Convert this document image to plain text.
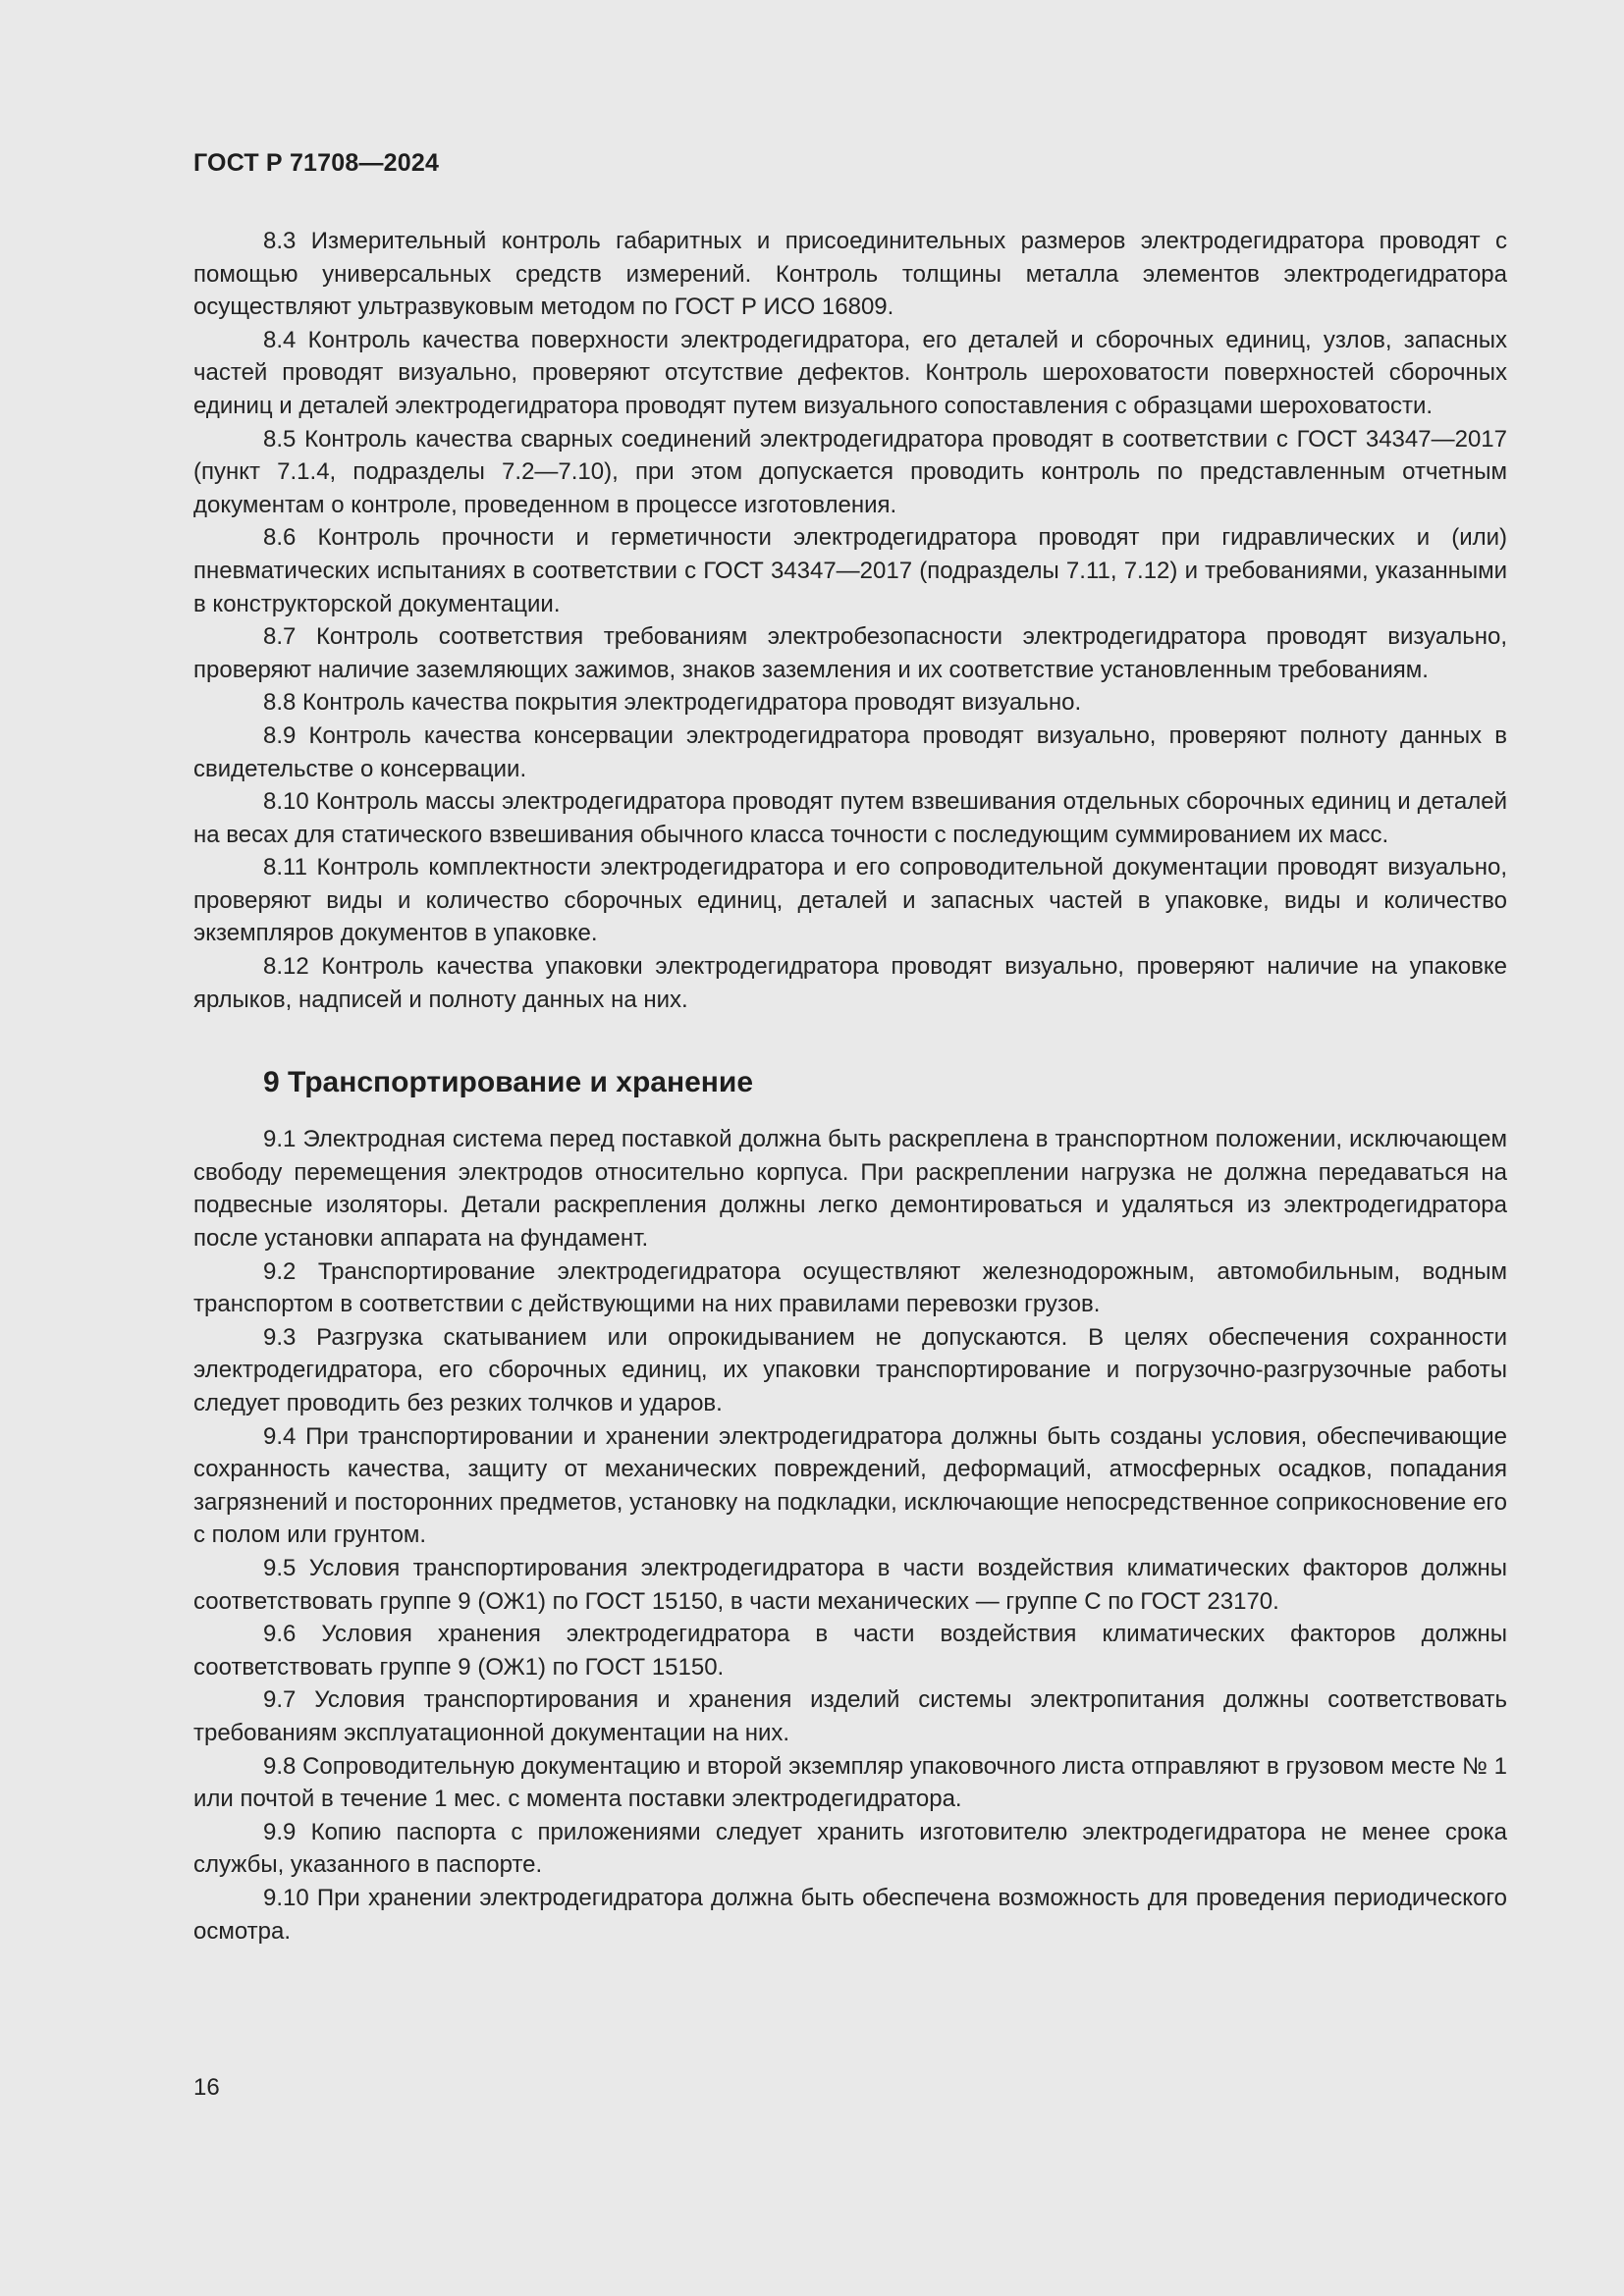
ГОСТ Р 71708—2024

8.3 Измерительный контроль габаритных и присоединительных размеров электродегидратора проводят с помощью универсальных средств измерений. Контроль толщины металла элементов электродегидратора осуществляют ультразвуковым методом по ГОСТ Р ИСО 16809.

8.4 Контроль качества поверхности электродегидратора, его деталей и сборочных единиц, узлов, запасных частей проводят визуально, проверяют отсутствие дефектов. Контроль шероховатости поверхностей сборочных единиц и деталей электродегидратора проводят путем визуального сопоставления с образцами шероховатости.

8.5 Контроль качества сварных соединений электродегидратора проводят в соответствии с ГОСТ 34347—2017 (пункт 7.1.4, подразделы 7.2—7.10), при этом допускается проводить контроль по представленным отчетным документам о контроле, проведенном в процессе изготовления.

8.6 Контроль прочности и герметичности электродегидратора проводят при гидравлических и (или) пневматических испытаниях в соответствии с ГОСТ 34347—2017 (подразделы 7.11, 7.12) и требованиями, указанными в конструкторской документации.

8.7 Контроль соответствия требованиям электробезопасности электродегидратора проводят визуально, проверяют наличие заземляющих зажимов, знаков заземления и их соответствие установленным требованиям.

8.8 Контроль качества покрытия электродегидратора проводят визуально.

8.9 Контроль качества консервации электродегидратора проводят визуально, проверяют полноту данных в свидетельстве о консервации.

8.10 Контроль массы электродегидратора проводят путем взвешивания отдельных сборочных единиц и деталей на весах для статического взвешивания обычного класса точности с последующим суммированием их масс.

8.11 Контроль комплектности электродегидратора и его сопроводительной документации проводят визуально, проверяют виды и количество сборочных единиц, деталей и запасных частей в упаковке, виды и количество экземпляров документов в упаковке.

8.12 Контроль качества упаковки электродегидратора проводят визуально, проверяют наличие на упаковке ярлыков, надписей и полноту данных на них.

9 Транспортирование и хранение

9.1 Электродная система перед поставкой должна быть раскреплена в транспортном положении, исключающем свободу перемещения электродов относительно корпуса. При раскреплении нагрузка не должна передаваться на подвесные изоляторы. Детали раскрепления должны легко демонтироваться и удаляться из электродегидратора после установки аппарата на фундамент.

9.2 Транспортирование электродегидратора осуществляют железнодорожным, автомобильным, водным транспортом в соответствии с действующими на них правилами перевозки грузов.

9.3 Разгрузка скатыванием или опрокидыванием не допускаются. В целях обеспечения сохранности электродегидратора, его сборочных единиц, их упаковки транспортирование и погрузочно-разгрузочные работы следует проводить без резких толчков и ударов.

9.4 При транспортировании и хранении электродегидратора должны быть созданы условия, обеспечивающие сохранность качества, защиту от механических повреждений, деформаций, атмосферных осадков, попадания загрязнений и посторонних предметов, установку на подкладки, исключающие непосредственное соприкосновение его с полом или грунтом.

9.5 Условия транспортирования электродегидратора в части воздействия климатических факторов должны соответствовать группе 9 (ОЖ1) по ГОСТ 15150, в части механических — группе С по ГОСТ 23170.

9.6 Условия хранения электродегидратора в части воздействия климатических факторов должны соответствовать группе 9 (ОЖ1) по ГОСТ 15150.

9.7 Условия транспортирования и хранения изделий системы электропитания должны соответствовать требованиям эксплуатационной документации на них.

9.8 Сопроводительную документацию и второй экземпляр упаковочного листа отправляют в грузовом месте № 1 или почтой в течение 1 мес. с момента поставки электродегидратора.

9.9 Копию паспорта с приложениями следует хранить изготовителю электродегидратора не менее срока службы, указанного в паспорте.

9.10 При хранении электродегидратора должна быть обеспечена возможность для проведения периодического осмотра.

16
